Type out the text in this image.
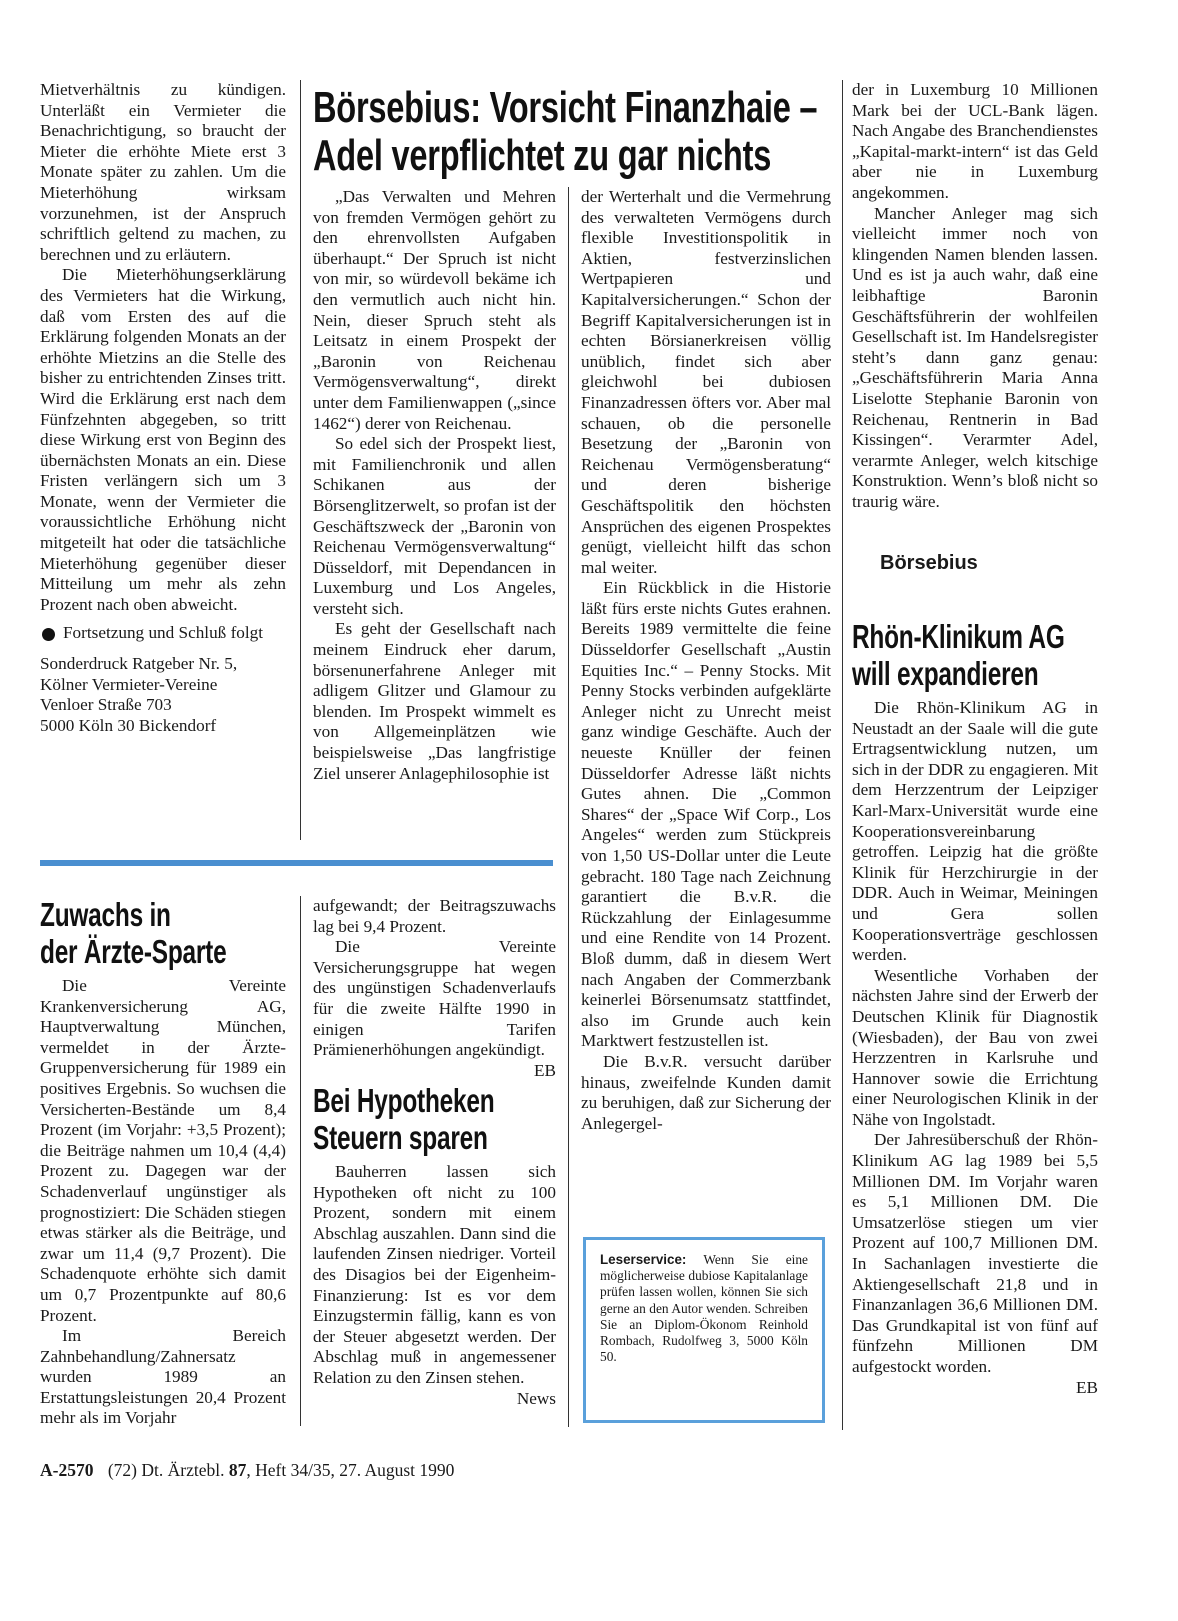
Mietverhältnis zu kündigen. Unterläßt ein Vermieter die Benachrichtigung, so braucht der Mieter die erhöhte Miete erst 3 Monate später zu zahlen. Um die Mieterhöhung wirksam vorzunehmen, ist der Anspruch schriftlich geltend zu machen, zu berechnen und zu erläutern.

Die Mieterhöhungserklärung des Vermieters hat die Wirkung, daß vom Ersten des auf die Erklärung folgenden Monats an der erhöhte Mietzins an die Stelle des bisher zu entrichtenden Zinses tritt. Wird die Erklärung erst nach dem Fünfzehnten abgegeben, so tritt diese Wirkung erst von Beginn des übernächsten Monats an ein. Diese Fristen verlängern sich um 3 Monate, wenn der Vermieter die voraussichtliche Erhöhung nicht mitgeteilt hat oder die tatsächliche Mieterhöhung gegenüber dieser Mitteilung um mehr als zehn Prozent nach oben abweicht.

Fortsetzung und Schluß folgt
Sonderdruck Ratgeber Nr. 5,
Kölner Vermieter-Vereine
Venloer Straße 703
5000 Köln 30 Bickendorf
Börsebius: Vorsicht Finanzhaie –
Adel verpflichtet zu gar nichts

„Das Verwalten und Mehren von fremden Vermögen gehört zu den ehrenvollsten Aufgaben überhaupt.“ Der Spruch ist nicht von mir, so würdevoll bekäme ich den vermutlich auch nicht hin. Nein, dieser Spruch steht als Leitsatz in einem Prospekt der „Baronin von Reichenau Vermögensverwaltung“, direkt unter dem Familienwappen („since 1462“) derer von Reichenau.

So edel sich der Prospekt liest, mit Familienchronik und allen Schikanen aus der Börsenglitzerwelt, so profan ist der Geschäftszweck der „Baronin von Reichenau Vermögensverwaltung“ Düsseldorf, mit Dependancen in Luxemburg und Los Angeles, versteht sich.

Es geht der Gesellschaft nach meinem Eindruck eher darum, börsenunerfahrene Anleger mit adligem Glitzer und Glamour zu blenden. Im Prospekt wimmelt es von Allgemeinplätzen wie beispielsweise „Das langfristige Ziel unserer Anlagephilosophie ist

der Werterhalt und die Vermehrung des verwalteten Vermögens durch flexible Investitionspolitik in Aktien, festverzinslichen Wertpapieren und Kapitalversicherungen.“ Schon der Begriff Kapitalversicherungen ist in echten Börsianerkreisen völlig unüblich, findet sich aber gleichwohl bei dubiosen Finanzadressen öfters vor. Aber mal schauen, ob die personelle Besetzung der „Baronin von Reichenau Vermögensberatung“ und deren bisherige Geschäftspolitik den höchsten Ansprüchen des eigenen Prospektes genügt, vielleicht hilft das schon mal weiter.

Ein Rückblick in die Historie läßt fürs erste nichts Gutes erahnen. Bereits 1989 vermittelte die feine Düsseldorfer Gesellschaft „Austin Equities Inc.“ – Penny Stocks. Mit Penny Stocks verbinden aufgeklärte Anleger nicht zu Unrecht meist ganz windige Geschäfte. Auch der neueste Knüller der feinen Düsseldorfer Adresse läßt nichts Gutes ahnen. Die „Common Shares“ der „Space Wif Corp., Los Angeles“ werden zum Stückpreis von 1,50 US-Dollar unter die Leute gebracht. 180 Tage nach Zeichnung garantiert die B.v.R. die Rückzahlung der Einlagesumme und eine Rendite von 14 Prozent. Bloß dumm, daß in diesem Wert nach Angaben der Commerzbank keinerlei Börsenumsatz stattfindet, also im Grunde auch kein Marktwert festzustellen ist.

Die B.v.R. versucht darüber hinaus, zweifelnde Kunden damit zu beruhigen, daß zur Sicherung der Anlegergel-

Leserservice: Wenn Sie eine möglicherweise dubiose Kapitalanlage prüfen lassen wollen, können Sie sich gerne an den Autor wenden. Schreiben Sie an Diplom-Ökonom Reinhold Rombach, Rudolfweg 3, 5000 Köln 50.

der in Luxemburg 10 Millionen Mark bei der UCL-Bank lägen. Nach Angabe des Branchendienstes „Kapital-markt-intern“ ist das Geld aber nie in Luxemburg angekommen.

Mancher Anleger mag sich vielleicht immer noch von klingenden Namen blenden lassen. Und es ist ja auch wahr, daß eine leibhaftige Baronin Geschäftsführerin der wohlfeilen Gesellschaft ist. Im Handelsregister steht’s dann ganz genau: „Geschäftsführerin Maria Anna Liselotte Stephanie Baronin von Reichenau, Rentnerin in Bad Kissingen“. Verarmter Adel, verarmte Anleger, welch kitschige Konstruktion. Wenn’s bloß nicht so traurig wäre.

Börsebius
Rhön-Klinikum AG
will expandieren

Die Rhön-Klinikum AG in Neustadt an der Saale will die gute Ertragsentwicklung nutzen, um sich in der DDR zu engagieren. Mit dem Herzzentrum der Leipziger Karl-Marx-Universität wurde eine Kooperationsvereinbarung getroffen. Leipzig hat die größte Klinik für Herzchirurgie in der DDR. Auch in Weimar, Meiningen und Gera sollen Kooperationsverträge geschlossen werden.

Wesentliche Vorhaben der nächsten Jahre sind der Erwerb der Deutschen Klinik für Diagnostik (Wiesbaden), der Bau von zwei Herzzentren in Karlsruhe und Hannover sowie die Errichtung einer Neurologischen Klinik in der Nähe von Ingolstadt.

Der Jahresüberschuß der Rhön-Klinikum AG lag 1989 bei 5,5 Millionen DM. Im Vorjahr waren es 5,1 Millionen DM. Die Umsatzerlöse stiegen um vier Prozent auf 100,7 Millionen DM. In Sachanlagen investierte die Aktiengesellschaft 21,8 und in Finanzanlagen 36,6 Millionen DM. Das Grundkapital ist von fünf auf fünfzehn Millionen DM aufgestockt worden.

EB
Zuwachs in
der Ärzte-Sparte

Die Vereinte Krankenversicherung AG, Hauptverwaltung München, vermeldet in der Ärzte-Gruppenversicherung für 1989 ein positives Ergebnis. So wuchsen die Versicherten-Bestände um 8,4 Prozent (im Vorjahr: +3,5 Prozent); die Beiträge nahmen um 10,4 (4,4) Prozent zu. Dagegen war der Schadenverlauf ungünstiger als prognostiziert: Die Schäden stiegen etwas stärker als die Beiträge, und zwar um 11,4 (9,7 Prozent). Die Schadenquote erhöhte sich damit um 0,7 Prozentpunkte auf 80,6 Prozent.

Im Bereich Zahnbehandlung/Zahnersatz wurden 1989 an Erstattungsleistungen 20,4 Prozent mehr als im Vorjahr

aufgewandt; der Beitragszuwachs lag bei 9,4 Prozent.

Die Vereinte Versicherungsgruppe hat wegen des ungünstigen Schadenverlaufs für die zweite Hälfte 1990 in einigen Tarifen Prämienerhöhungen angekündigt.

EB
Bei Hypotheken
Steuern sparen

Bauherren lassen sich Hypotheken oft nicht zu 100 Prozent, sondern mit einem Abschlag auszahlen. Dann sind die laufenden Zinsen niedriger. Vorteil des Disagios bei der Eigenheim-Finanzierung: Ist es vor dem Einzugstermin fällig, kann es von der Steuer abgesetzt werden. Der Abschlag muß in angemessener Relation zu den Zinsen stehen.

News
A-2570 (72) Dt. Ärztebl. 87, Heft 34/35, 27. August 1990
